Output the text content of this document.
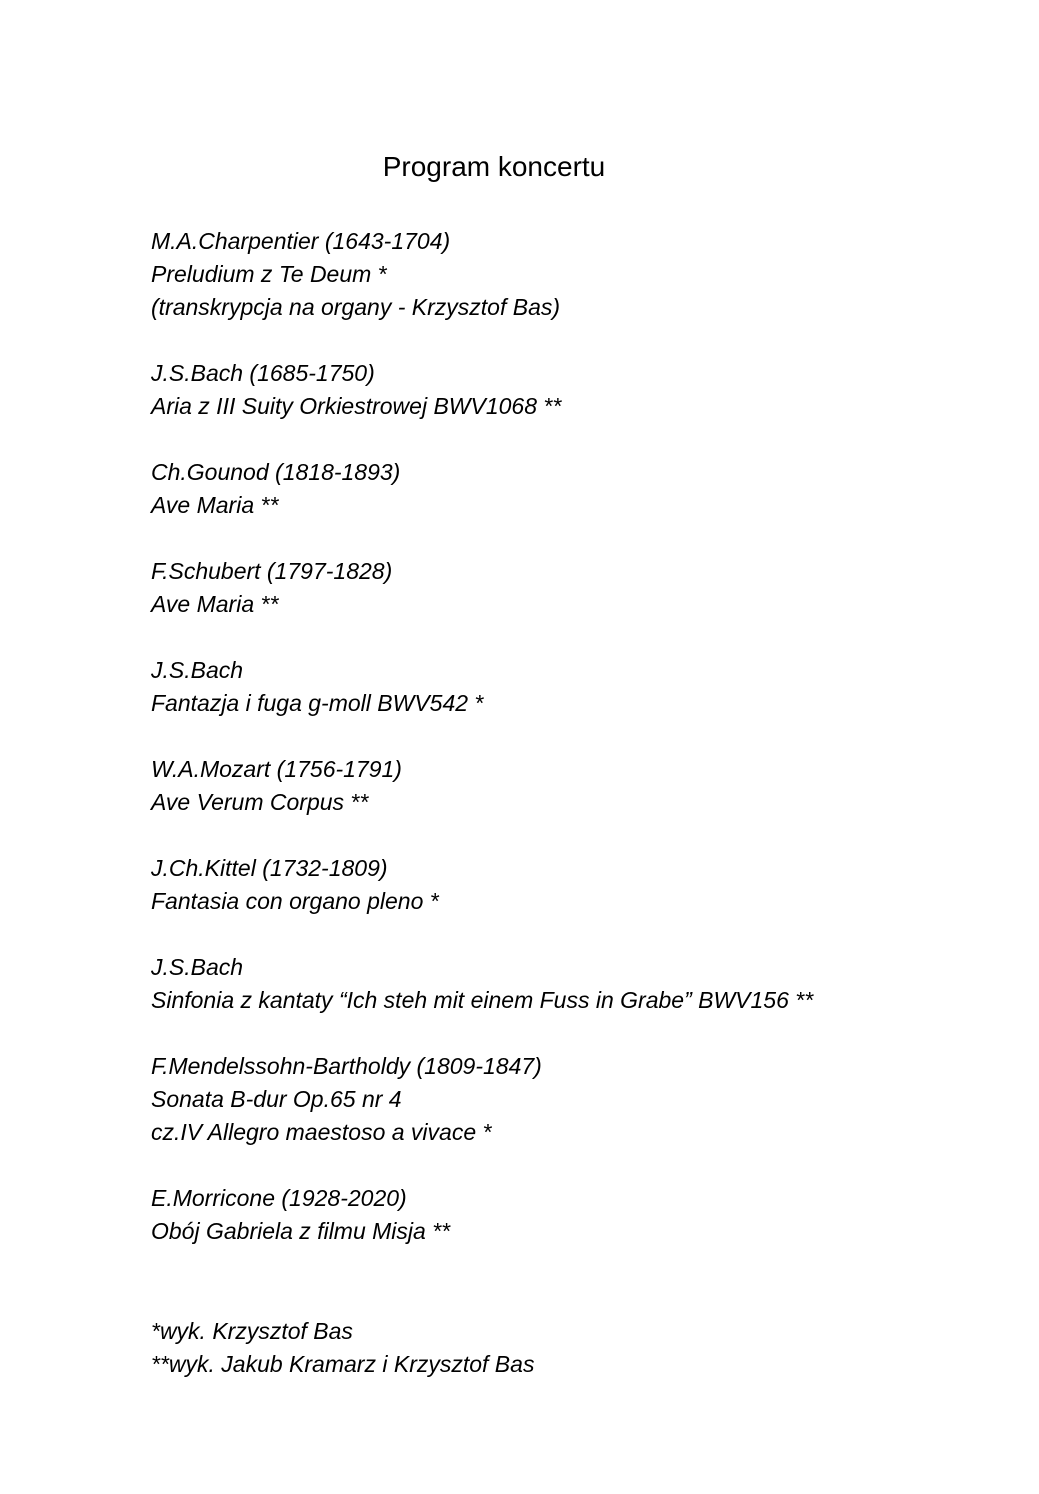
Program koncertu
M.A.Charpentier (1643-1704)
Preludium z Te Deum *
(transkrypcja na organy - Krzysztof Bas)
J.S.Bach (1685-1750)
Aria z III Suity Orkiestrowej BWV1068 **
Ch.Gounod (1818-1893)
Ave Maria **
F.Schubert (1797-1828)
Ave Maria **
J.S.Bach
Fantazja i fuga g-moll BWV542 *
W.A.Mozart (1756-1791)
Ave Verum Corpus **
J.Ch.Kittel (1732-1809)
Fantasia con organo pleno *
J.S.Bach
Sinfonia z kantaty “Ich steh mit einem Fuss in Grabe” BWV156 **
F.Mendelssohn-Bartholdy (1809-1847)
Sonata B-dur Op.65 nr 4
cz.IV Allegro maestoso a vivace *
E.Morricone (1928-2020)
Obój Gabriela z filmu Misja **
*wyk. Krzysztof Bas
**wyk. Jakub Kramarz i Krzysztof Bas
